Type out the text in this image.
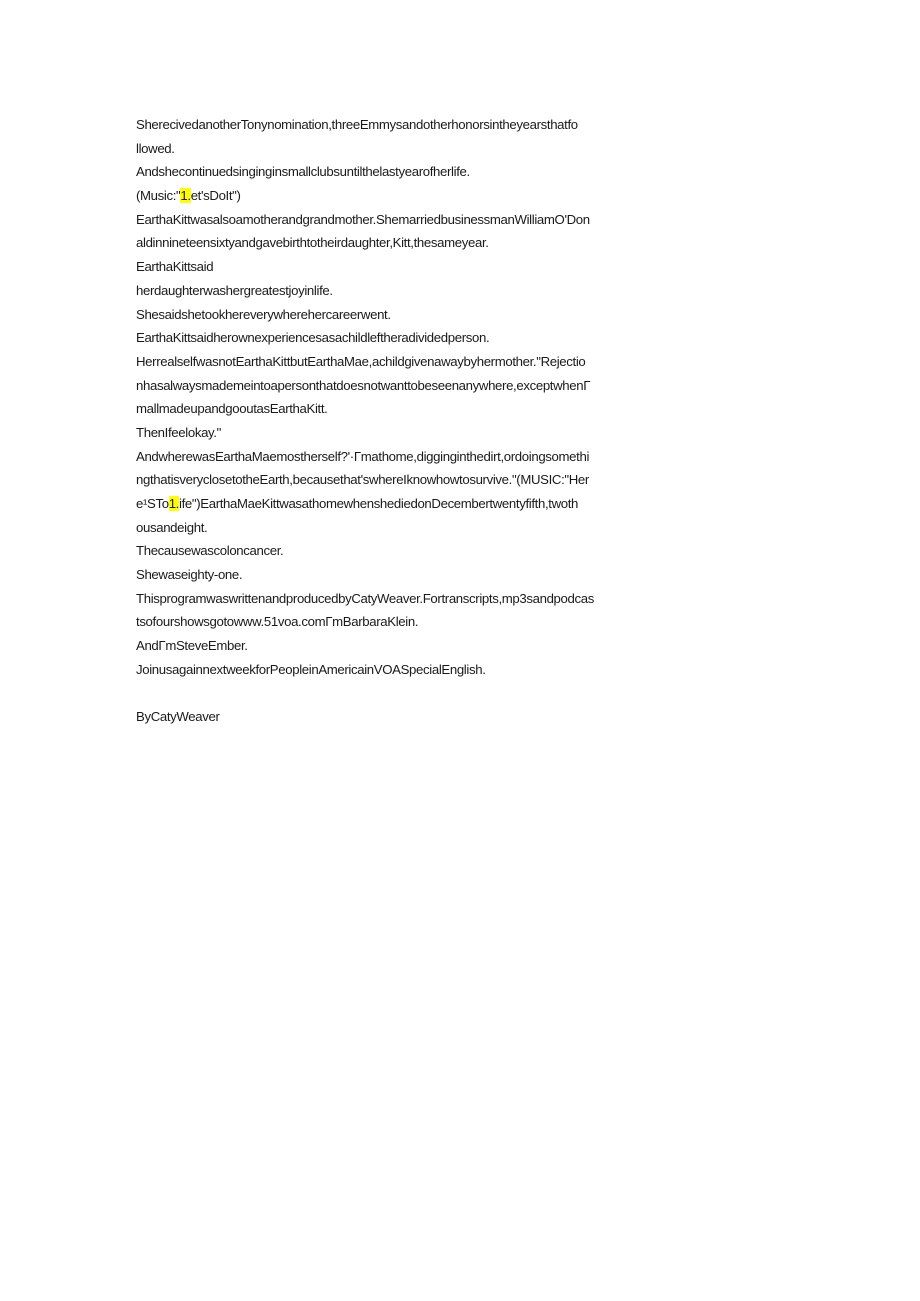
SherecivedanotherTonynomination,threeEmmysandotherhonorsintheyearsthatfo
llowed.
Andshecontinuedsinginginsmallclubsuntilthelastyearofherlife.
(Music:"1.et'sDoIt")
EarthaKittwasalsoamotherandgrandmother.ShemarriedbusinessmanWilliamO'Don
aldinnineteensixtyandgavebirthtotheirdaughter,Kitt,thesameyear.
EarthaKittsaid
herdaughterwashergreatestjoyinlife.
Shesaidshetookhereverywherehercareerwent.
EarthaKittsaidherownexperiencesasachildleftheradividedperson.
HerrealselfwasnotEarthaKittbutEarthaMae,achildgivenawaybyhermother."Rejectio
nhasalwaysmademeintoapersonthatdoesnotwanttobeseenanywhere,exceptwhenΓ
mallmadeupandgooutasEarthaKitt.
ThenIfeelokay."
AndwherewasEarthaMaemostherself?'·Γmathome,digginginthedirt,ordoingsomethi
ngthatisveryclosetotheEarth,becausethat'swhereIknowhowtosurvive."(MUSIC:"Her
e¹STo1.ife")EarthaMaeKittwasathomewhenshediedonDecembertwentyfifth,twoth
ousandeight.
Thecausewascoloncancer.
Shewaseighty-one.
ThisprogramwaswrittenandproducedbyCatyWeaver.Fortranscripts,mp3sandpodcas
tsofourshowsgotowww.51voa.comΓmBarbaraKlein.
AndΓmSteveEmber.
JoinusagainnextweekforPeopleinAmericainVOASpecialEnglish.
ByCatyWeaver
